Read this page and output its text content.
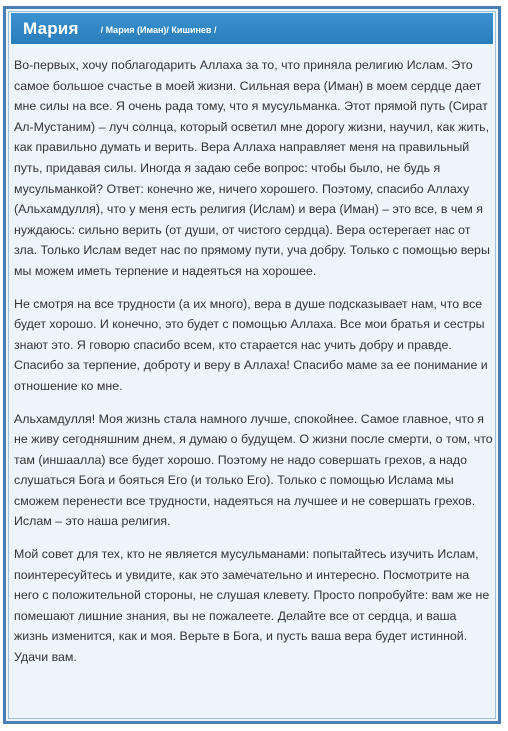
Мария / Мария (Иман)/ Кишинев /

Во-первых, хочу поблагодарить Аллаха за то, что приняла религию Ислам. Это самое большое счастье в моей жизни. Сильная вера (Иман) в моем сердце дает мне силы на все. Я очень рада тому, что я мусульманка. Этот прямой путь (Сират Ал-Мустаним) – луч солнца, который осветил мне дорогу жизни, научил, как жить, как правильно думать и верить. Вера Аллаха направляет меня на правильный путь, придавая силы. Иногда я задаю себе вопрос: чтобы было, не будь я мусульманкой? Ответ: конечно же, ничего хорошего. Поэтому, спасибо Аллаху (Альхамдулля), что у меня есть религия (Ислам) и вера (Иман) – это все, в чем я нуждаюсь: сильно верить (от души, от чистого сердца). Вера остерегает нас от зла. Только Ислам ведет нас по прямому пути, уча добру. Только с помощью веры мы можем иметь терпение и надеяться на хорошее.

Не смотря на все трудности (а их много), вера в душе подсказывает нам, что все будет хорошо. И конечно, это будет с помощью Аллаха. Все мои братья и сестры знают это. Я говорю спасибо всем, кто старается нас учить добру и правде. Спасибо за терпение, доброту и веру в Аллаха! Спасибо маме за ее понимание и отношение ко мне.

Альхамдулля! Моя жизнь стала намного лучше, спокойнее. Самое главное, что я не живу сегодняшним днем, я думаю о будущем. О жизни после смерти, о том, что там (иншаалла) все будет хорошо. Поэтому не надо совершать грехов, а надо слушаться Бога и бояться Его (и только Его). Только с помощью Ислама мы сможем перенести все трудности, надеяться на лучшее и не совершать грехов. Ислам – это наша религия.

Мой совет для тех, кто не является мусульманами: попытайтесь изучить Ислам, поинтересуйтесь и увидите, как это замечательно и интересно. Посмотрите на него с положительной стороны, не слушая клевету. Просто попробуйте: вам же не помешают лишние знания, вы не пожалеете. Делайте все от сердца, и ваша жизнь изменится, как и моя. Верьте в Бога, и пусть ваша вера будет истинной. Удачи вам.
